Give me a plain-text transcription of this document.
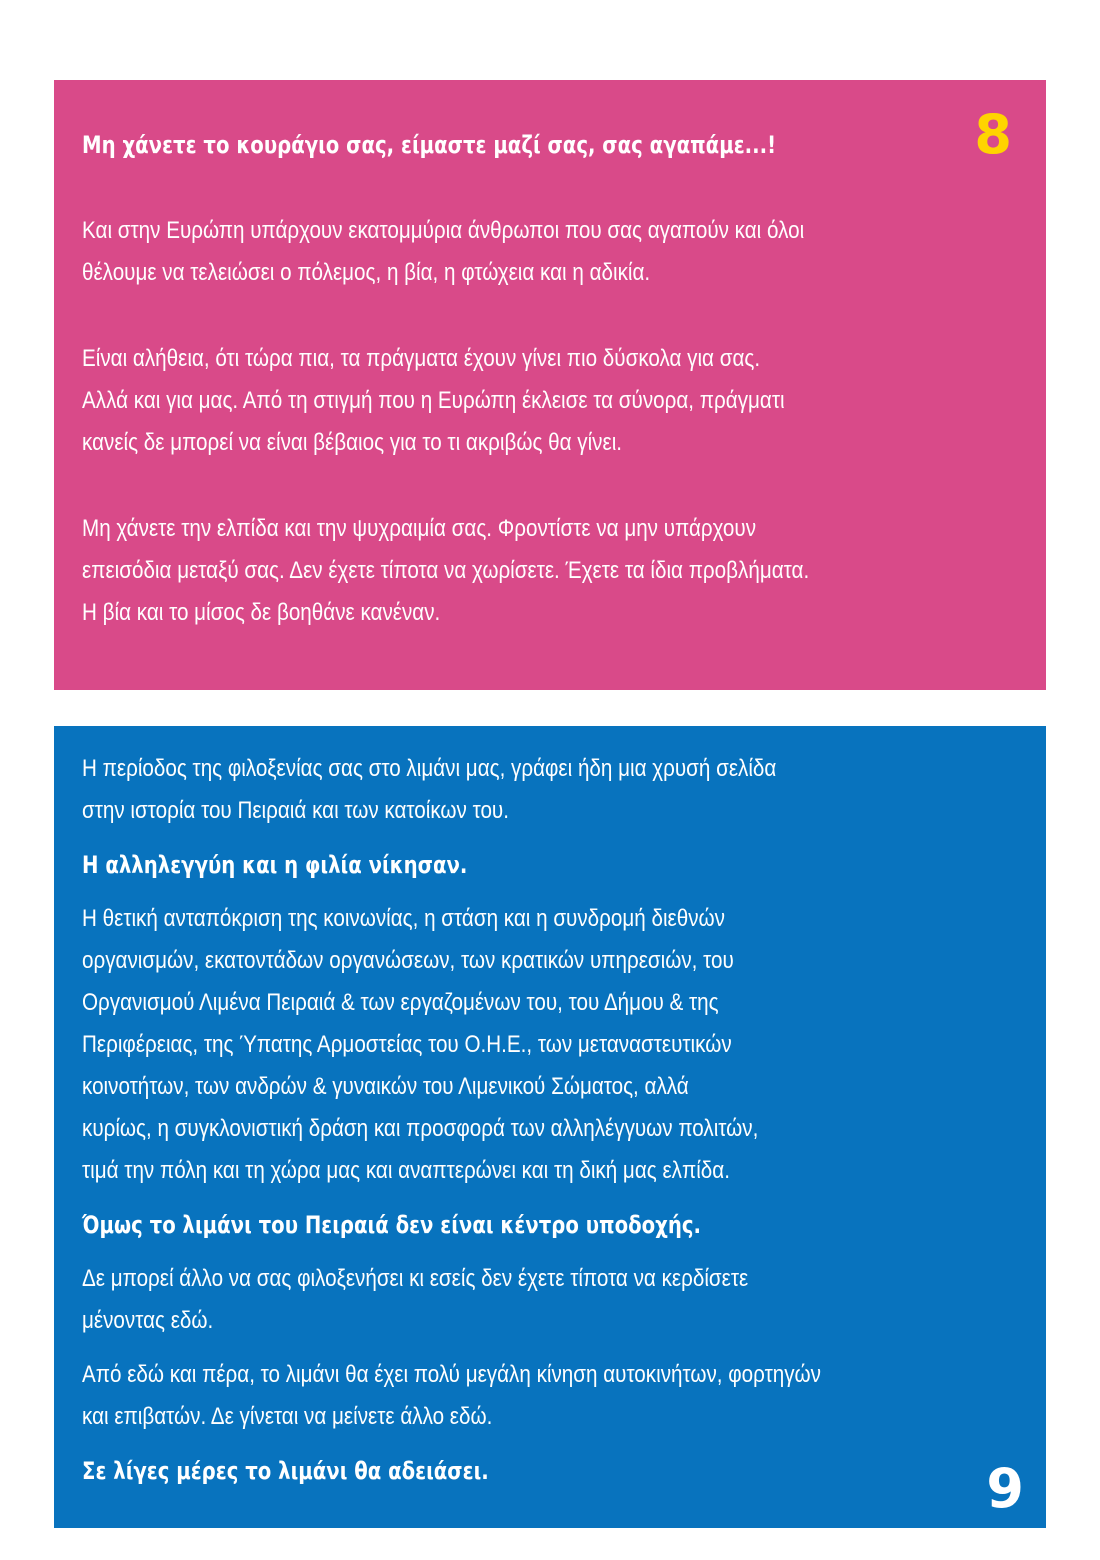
8

Μη χάνετε το κουράγιο σας, είμαστε μαζί σας, σας αγαπάμε...!

Και στην Ευρώπη υπάρχουν εκατομμύρια άνθρωποι που σας αγαπούν και όλοι
θέλουμε να τελειώσει ο πόλεμος, η βία, η φτώχεια και η αδικία.

Είναι αλήθεια, ότι τώρα πια, τα πράγματα έχουν γίνει πιο δύσκολα για σας.
Αλλά και για μας. Από τη στιγμή που η Ευρώπη έκλεισε τα σύνορα, πράγματι
κανείς δε μπορεί να είναι βέβαιος για το τι ακριβώς θα γίνει.

Μη χάνετε την ελπίδα και την ψυχραιμία σας. Φροντίστε να μην υπάρχουν
επεισόδια μεταξύ σας. Δεν έχετε τίποτα να χωρίσετε. Έχετε τα ίδια προβλήματα.
Η βία και το μίσος δε βοηθάνε κανέναν.

9

Η περίοδος της φιλοξενίας σας στο λιμάνι μας, γράφει ήδη μια χρυσή σελίδα
στην ιστορία του Πειραιά και των κατοίκων του.

Η αλληλεγγύη και η φιλία νίκησαν.

Η θετική ανταπόκριση της κοινωνίας, η στάση και η συνδρομή διεθνών
οργανισμών, εκατοντάδων οργανώσεων, των κρατικών υπηρεσιών, του
Οργανισμού Λιμένα Πειραιά & των εργαζομένων του, του Δήμου & της
Περιφέρειας, της Ύπατης Αρμοστείας του Ο.Η.Ε., των μεταναστευτικών
κοινοτήτων, των ανδρών & γυναικών του Λιμενικού Σώματος, αλλά
κυρίως, η συγκλονιστική δράση και προσφορά των αλληλέγγυων πολιτών,
τιμά την πόλη και τη χώρα μας και αναπτερώνει και τη δική μας ελπίδα.

Όμως το λιμάνι του Πειραιά δεν είναι κέντρο υποδοχής.

Δε μπορεί άλλο να σας φιλοξενήσει κι εσείς δεν έχετε τίποτα να κερδίσετε
μένοντας εδώ.

Από εδώ και πέρα, το λιμάνι θα έχει πολύ μεγάλη κίνηση αυτοκινήτων, φορτηγών
και επιβατών. Δε γίνεται να μείνετε άλλο εδώ.

Σε λίγες μέρες το λιμάνι θα αδειάσει.
